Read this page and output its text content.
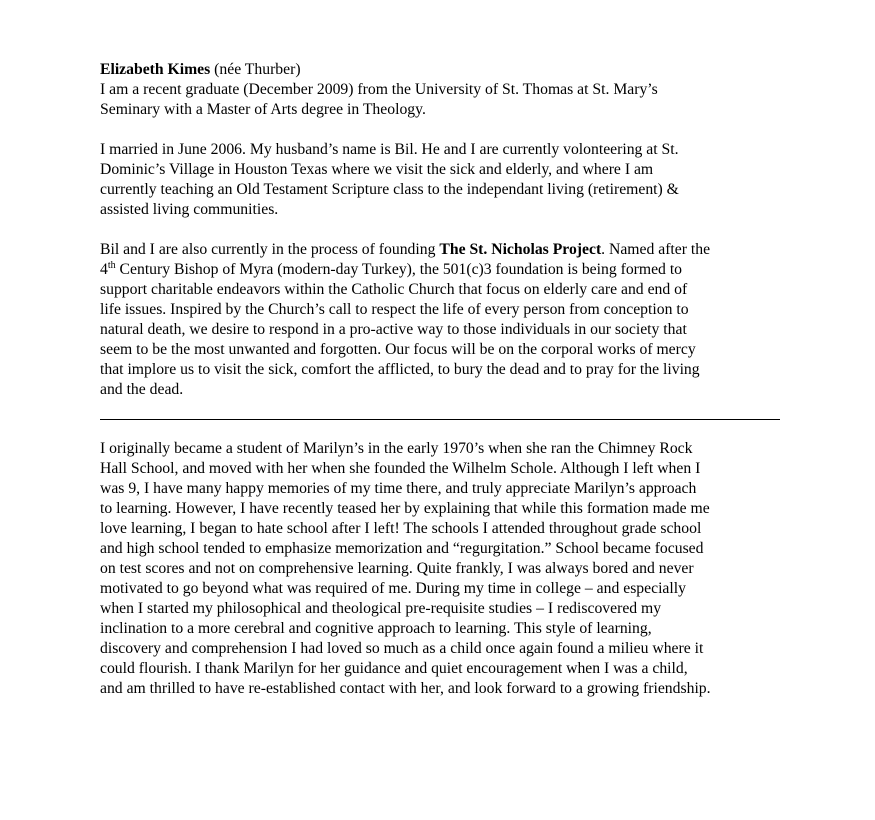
Elizabeth Kimes (née Thurber)
I am a recent graduate (December 2009) from the University of St. Thomas at St. Mary’s
Seminary with a Master of Arts degree in Theology.
I married in June 2006. My husband’s name is Bil. He and I are currently volonteering at St.
Dominic’s Village in Houston Texas where we visit the sick and elderly, and where I am
currently teaching an Old Testament Scripture class to the independant living (retirement) &
assisted living communities.
Bil and I are also currently in the process of founding The St. Nicholas Project. Named after the
4th Century Bishop of Myra (modern-day Turkey), the 501(c)3 foundation is being formed to
support charitable endeavors within the Catholic Church that focus on elderly care and end of
life issues. Inspired by the Church’s call to respect the life of every person from conception to
natural death, we desire to respond in a pro-active way to those individuals in our society that
seem to be the most unwanted and forgotten. Our focus will be on the corporal works of mercy
that implore us to visit the sick, comfort the afflicted, to bury the dead and to pray for the living
and the dead.
I originally became a student of Marilyn’s in the early 1970’s when she ran the Chimney Rock
Hall School, and moved with her when she founded the Wilhelm Schole. Although I left when I
was 9, I have many happy memories of my time there, and truly appreciate Marilyn’s approach
to learning. However, I have recently teased her by explaining that while this formation made me
love learning, I began to hate school after I left! The schools I attended throughout grade school
and high school tended to emphasize memorization and “regurgitation.” School became focused
on test scores and not on comprehensive learning. Quite frankly, I was always bored and never
motivated to go beyond what was required of me. During my time in college – and especially
when I started my philosophical and theological pre-requisite studies – I rediscovered my
inclination to a more cerebral and cognitive approach to learning. This style of learning,
discovery and comprehension I had loved so much as a child once again found a milieu where it
could flourish. I thank Marilyn for her guidance and quiet encouragement when I was a child,
and am thrilled to have re-established contact with her, and look forward to a growing friendship.
